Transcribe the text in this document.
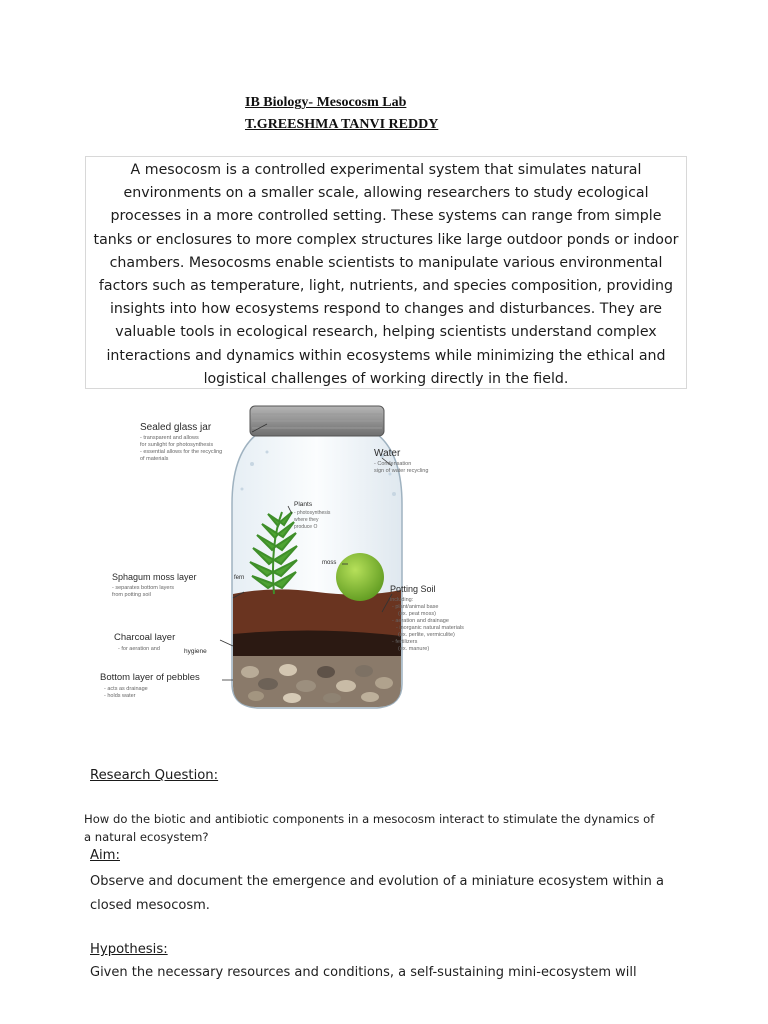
IB Biology- Mesocosm Lab
T.GREESHMA TANVI REDDY
A mesocosm is a controlled experimental system that simulates natural environments on a smaller scale, allowing researchers to study ecological processes in a more controlled setting. These systems can range from simple tanks or enclosures to more complex structures like large outdoor ponds or indoor chambers. Mesocosms enable scientists to manipulate various environmental factors such as temperature, light, nutrients, and species composition, providing insights into how ecosystems respond to changes and disturbances. They are valuable tools in ecological research, helping scientists understand complex interactions and dynamics within ecosystems while minimizing the ethical and logistical challenges of working directly in the field.
Sealed glass jar
- transparent and allows
for sunlight for photosynthesis
- essential allows for the recycling
of materials	Water
- Condensation
sign of water recycling
Plants
- photosynthesis
where they
produce O
moss
fern
Sphagum moss layer
- separates bottom layers
from potting soil
Potting Soil
including:
- plant/animal base
(ex. peat moss)
- aeration and drainage
- inorganic natural materials
(ex. perlite, vermiculite)
- fertilizers
(ex. manure)
Charcoal layer
- for aeration and	hygiene
Bottom layer of pebbles
- acts as drainage
- holds water
Research Question:
How do the biotic and antibiotic components in a mesocosm interact to stimulate the dynamics of
a natural ecosystem?
Aim:
Observe and document the emergence and evolution of a miniature ecosystem within a
closed mesocosm.
Hypothesis:
Given the necessary resources and conditions, a self-sustaining mini-ecosystem will
